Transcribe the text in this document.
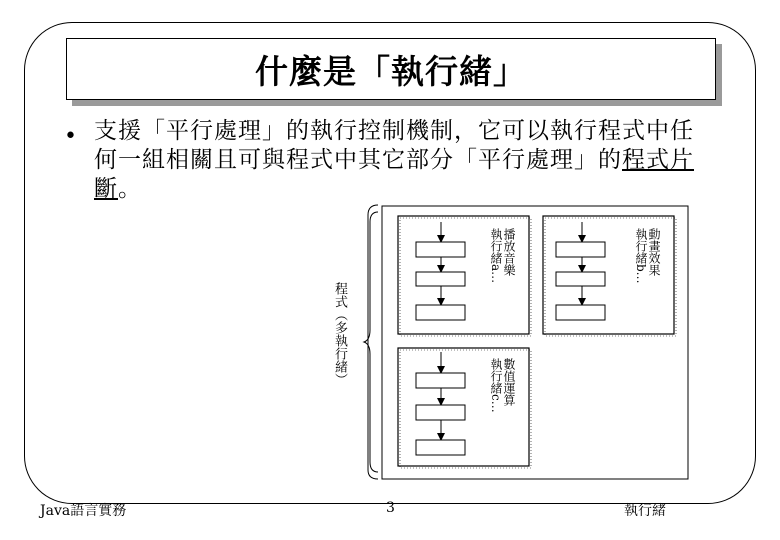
什麼是「執行緒」
• 支援「平行處理」的執行控制機制，它可以執行程式中任何一組相關且可與程式中其它部分「平行處理」的程式片斷。
程式（多執行緒）
播放音樂
執行緒a…	動畫效果
執行緒b…
數值運算
執行緒c…
Java語言實務	3	執行緒
